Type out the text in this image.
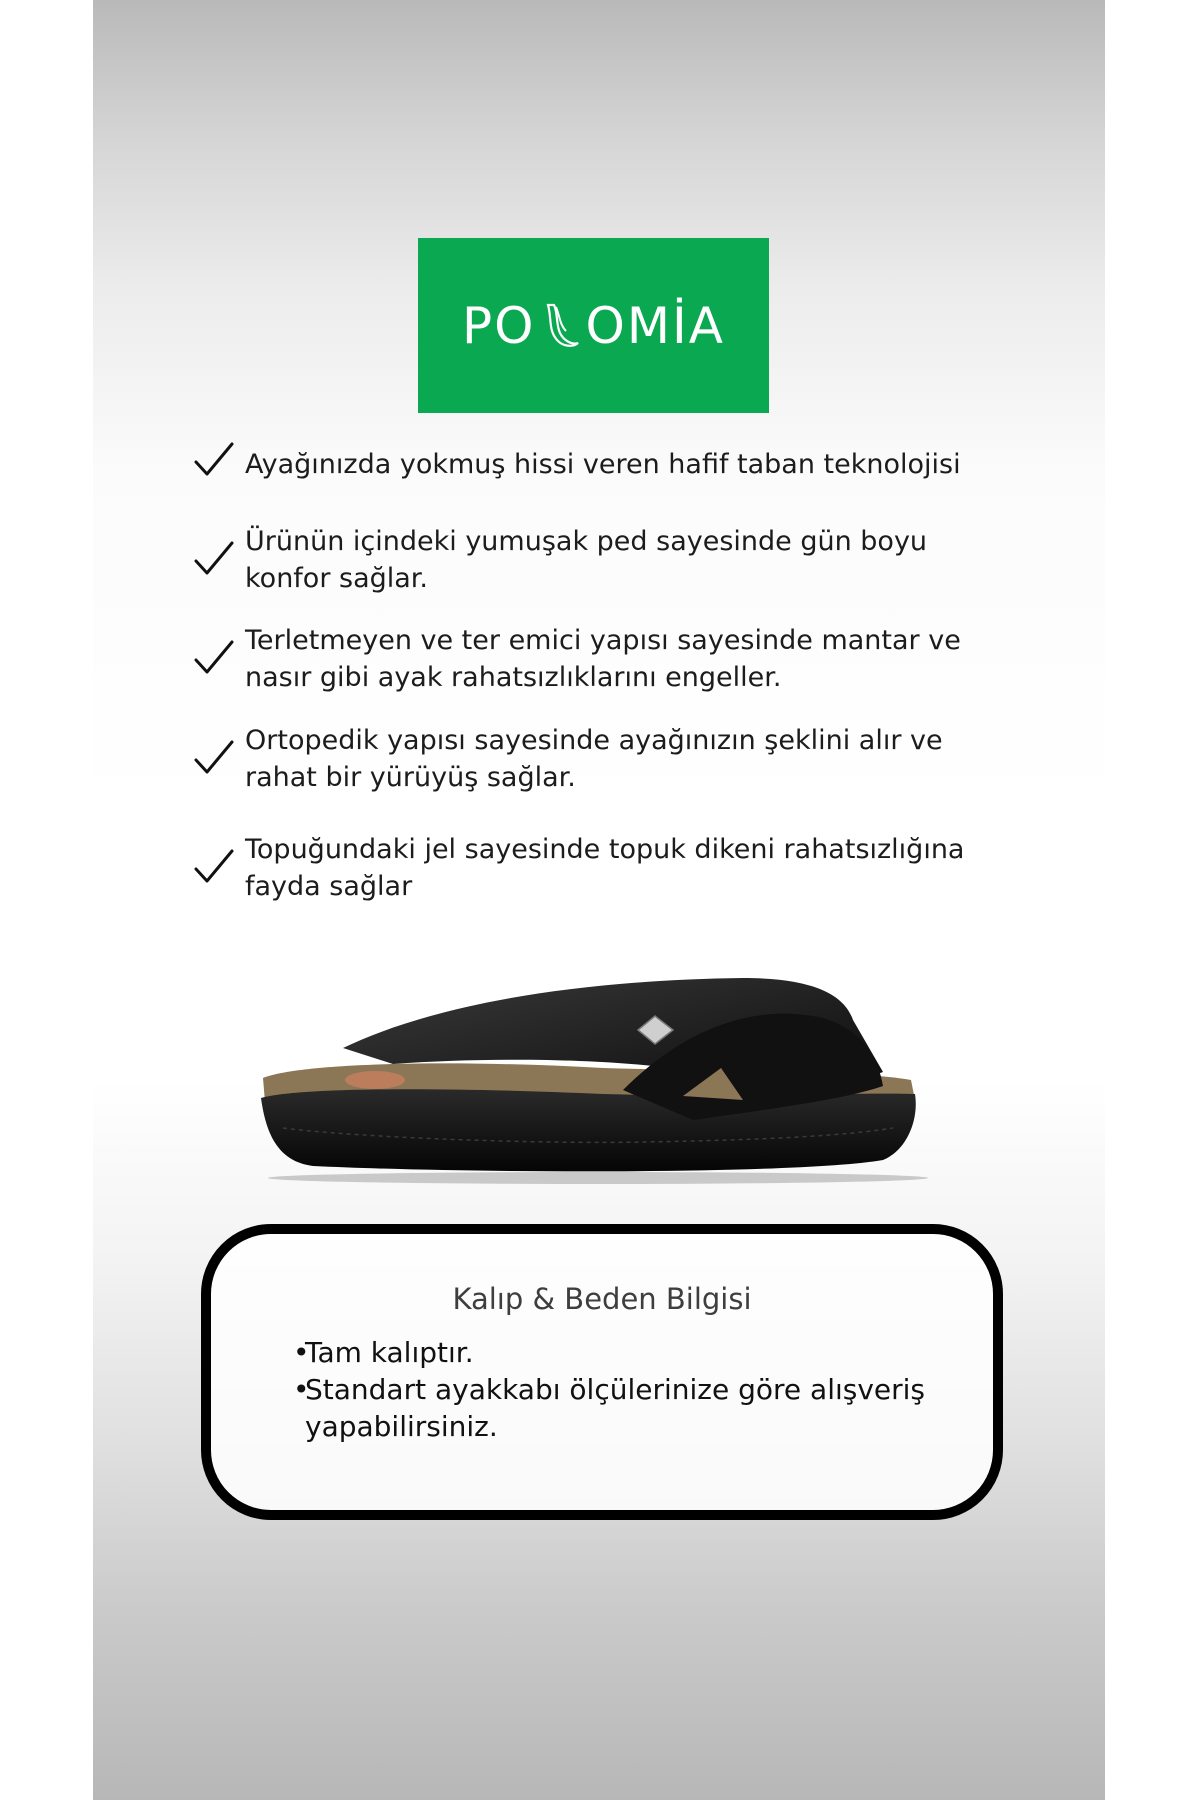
PO OMİA
Ayağınızda yokmuş hissi veren hafif taban teknolojisi
Ürünün içindeki yumuşak ped sayesinde gün boyu konfor sağlar.
Terletmeyen ve ter emici yapısı sayesinde mantar ve nasır gibi ayak rahatsızlıklarını engeller.
Ortopedik yapısı sayesinde ayağınızın şeklini alır ve rahat bir yürüyüş sağlar.
Topuğundaki jel sayesinde topuk dikeni rahatsızlığına fayda sağlar
Kalıp & Beden Bilgisi
•
Tam kalıptır.
•
Standart ayakkabı ölçülerinize göre alışveriş yapabilirsiniz.
